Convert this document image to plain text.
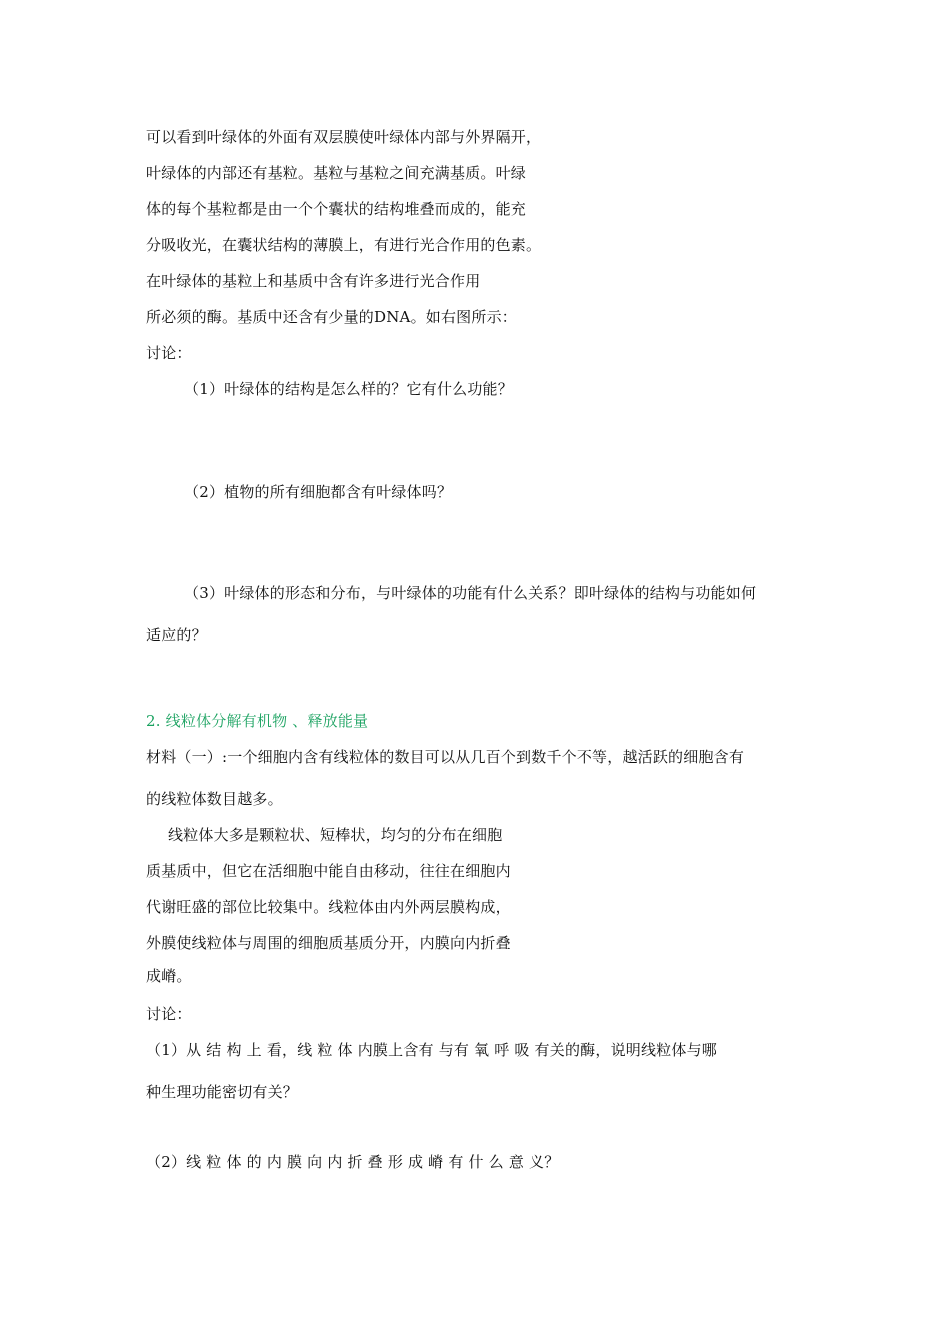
可以看到叶绿体的外面有双层膜使叶绿体内部与外界隔开，
叶绿体的内部还有基粒。基粒与基粒之间充满基质。叶绿
体的每个基粒都是由一个个囊状的结构堆叠而成的，能充
分吸收光，在囊状结构的薄膜上，有进行光合作用的色素。
在叶绿体的基粒上和基质中含有许多进行光合作用
所必须的酶。基质中还含有少量的DNA。如右图所示：
讨论：
（1）叶绿体的结构是怎么样的？它有什么功能？
（2）植物的所有细胞都含有叶绿体吗？
（3）叶绿体的形态和分布，与叶绿体的功能有什么关系？即叶绿体的结构与功能如何
适应的？
2. 线粒体分解有机物 、释放能量
材料（一）:一个细胞内含有线粒体的数目可以从几百个到数千个不等，越活跃的细胞含有
的线粒体数目越多。
线粒体大多是颗粒状、短棒状，均匀的分布在细胞
质基质中，但它在活细胞中能自由移动，往往在细胞内
代谢旺盛的部位比较集中。线粒体由内外两层膜构成，
外膜使线粒体与周围的细胞质基质分开，内膜向内折叠
成嵴。
讨论：
（1）从 结 构 上 看，线 粒 体 内膜上含有 与有 氧 呼 吸 有关的酶，说明线粒体与哪
种生理功能密切有关？
（2）线 粒 体 的 内 膜 向 内 折 叠 形 成 嵴 有 什 么 意 义？
